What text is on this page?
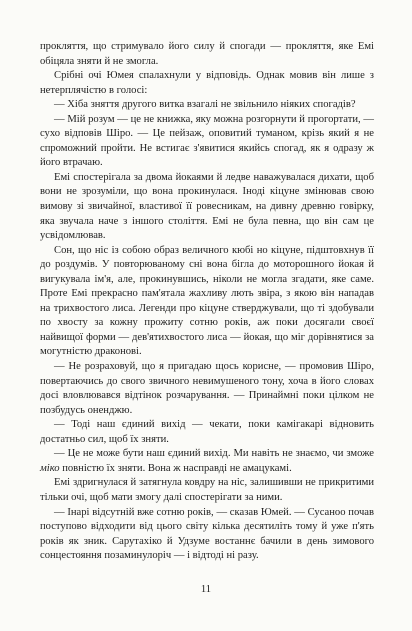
прокляття, що стримувало його силу й спогади — прокляття, яке Емі обіцяла зняти й не змогла.

Срібні очі Юмея спалахнули у відповідь. Однак мовив він лише з нетерплячістю в голосі:

— Хіба зняття другого витка взагалі не звільнило ніяких спогадів?

— Мій розум — це не книжка, яку можна розгорнути й прогортати, — сухо відповів Шіро. — Це пейзаж, оповитий туманом, крізь який я не спроможний пройти. Не встигає з'явитися якийсь спогад, як я одразу ж його втрачаю.

Емі спостерігала за двома йокаями й ледве наважувалася дихати, щоб вони не зрозуміли, що вона прокинулася. Іноді кіцуне змінював свою вимову зі звичайної, властивої її ровесникам, на дивну древню говірку, яка звучала наче з іншого століття. Емі не була певна, що він сам це усвідомлював.

Сон, що ніс із собою образ величного кюбі но кіцуне, підштовхнув її до роздумів. У повторюваному сні вона бігла до моторошного йокая й вигукувала ім'я, але, прокинувшись, ніколи не могла згадати, яке саме. Проте Емі прекрасно пам'ятала жахливу лють звіра, з якою він нападав на трихвостого лиса. Легенди про кіцуне стверджували, що ті здобували по хвосту за кожну прожиту сотню років, аж поки досягали своєї найвищої форми — дев'ятихвостого лиса — йокая, що міг дорівнятися за могутністю драконові.

— Не розраховуй, що я пригадаю щось корисне, — промовив Шіро, повертаючись до свого звичного невимушеного тону, хоча в його словах досі вловлювався відтінок розчарування. — Принаймні поки цілком не позбудусь оненджю.

— Тоді наш єдиний вихід — чекати, поки камігакарі відновить достатньо сил, щоб їх зняти.

— Це не може бути наш єдиний вихід. Ми навіть не знаємо, чи зможе міко повністю їх зняти. Вона ж насправді не амацукамі.

Емі здригнулася й затягнула ковдру на ніс, залишивши не прикритими тільки очі, щоб мати змогу далі спостерігати за ними.

— Інарі відсутній вже сотню років, — сказав Юмей. — Сусаноо почав поступово відходити від цього світу кілька десятиліть тому й уже п'ять років як зник. Сарутахіко й Удзуме востаннє бачили в день зимового сонцестояння позаминулоріч — і відтоді ні разу.

11
